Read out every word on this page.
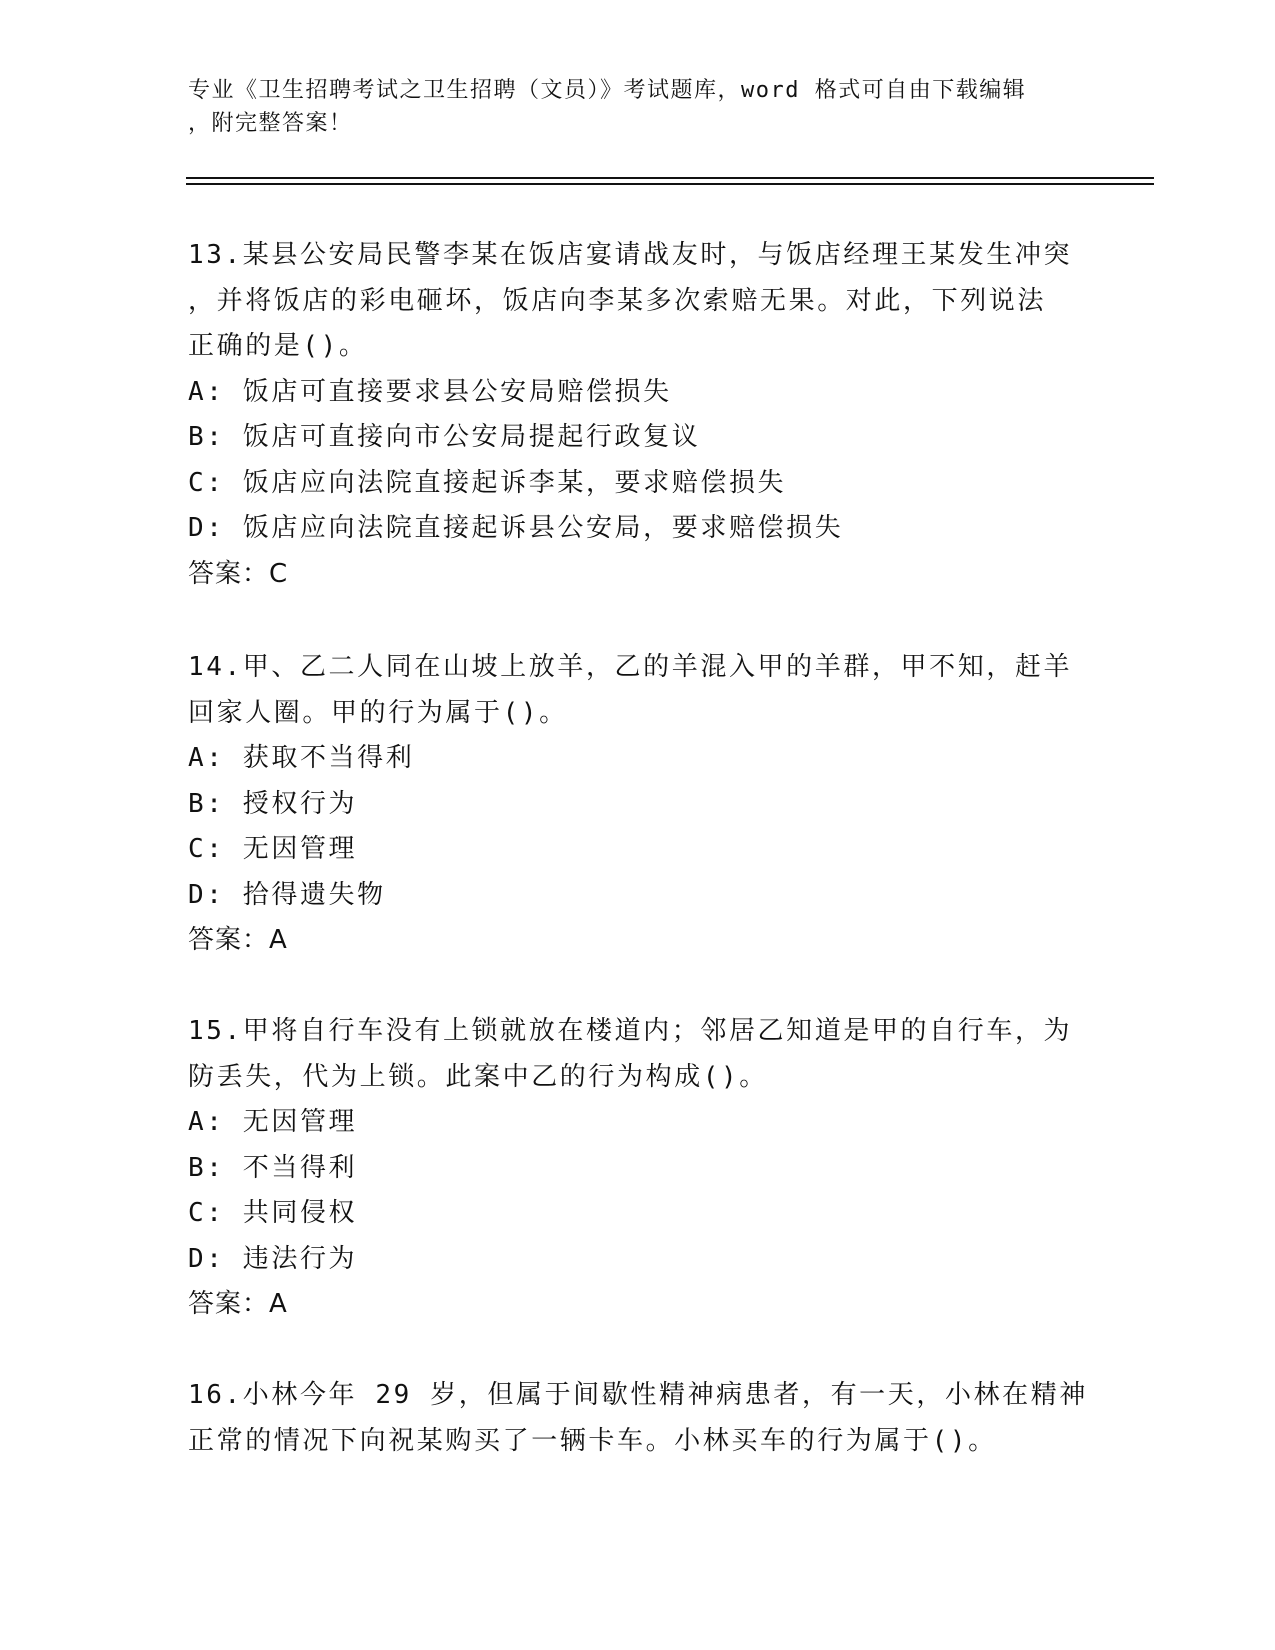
专业《卫生招聘考试之卫生招聘（文员）》考试题库，word 格式可自由下载编辑
，附完整答案！
13.某县公安局民警李某在饭店宴请战友时，与饭店经理王某发生冲突
，并将饭店的彩电砸坏，饭店向李某多次索赔无果。对此，下列说法
正确的是()。
A: 饭店可直接要求县公安局赔偿损失
B: 饭店可直接向市公安局提起行政复议
C: 饭店应向法院直接起诉李某，要求赔偿损失
D: 饭店应向法院直接起诉县公安局，要求赔偿损失
答案：C
14.甲、乙二人同在山坡上放羊，乙的羊混入甲的羊群，甲不知，赶羊
回家人圈。甲的行为属于()。
A: 获取不当得利
B: 授权行为
C: 无因管理
D: 拾得遗失物
答案：A
15.甲将自行车没有上锁就放在楼道内；邻居乙知道是甲的自行车，为
防丢失，代为上锁。此案中乙的行为构成()。
A: 无因管理
B: 不当得利
C: 共同侵权
D: 违法行为
答案：A
16.小林今年 29 岁，但属于间歇性精神病患者，有一天，小林在精神
正常的情况下向祝某购买了一辆卡车。小林买车的行为属于()。
